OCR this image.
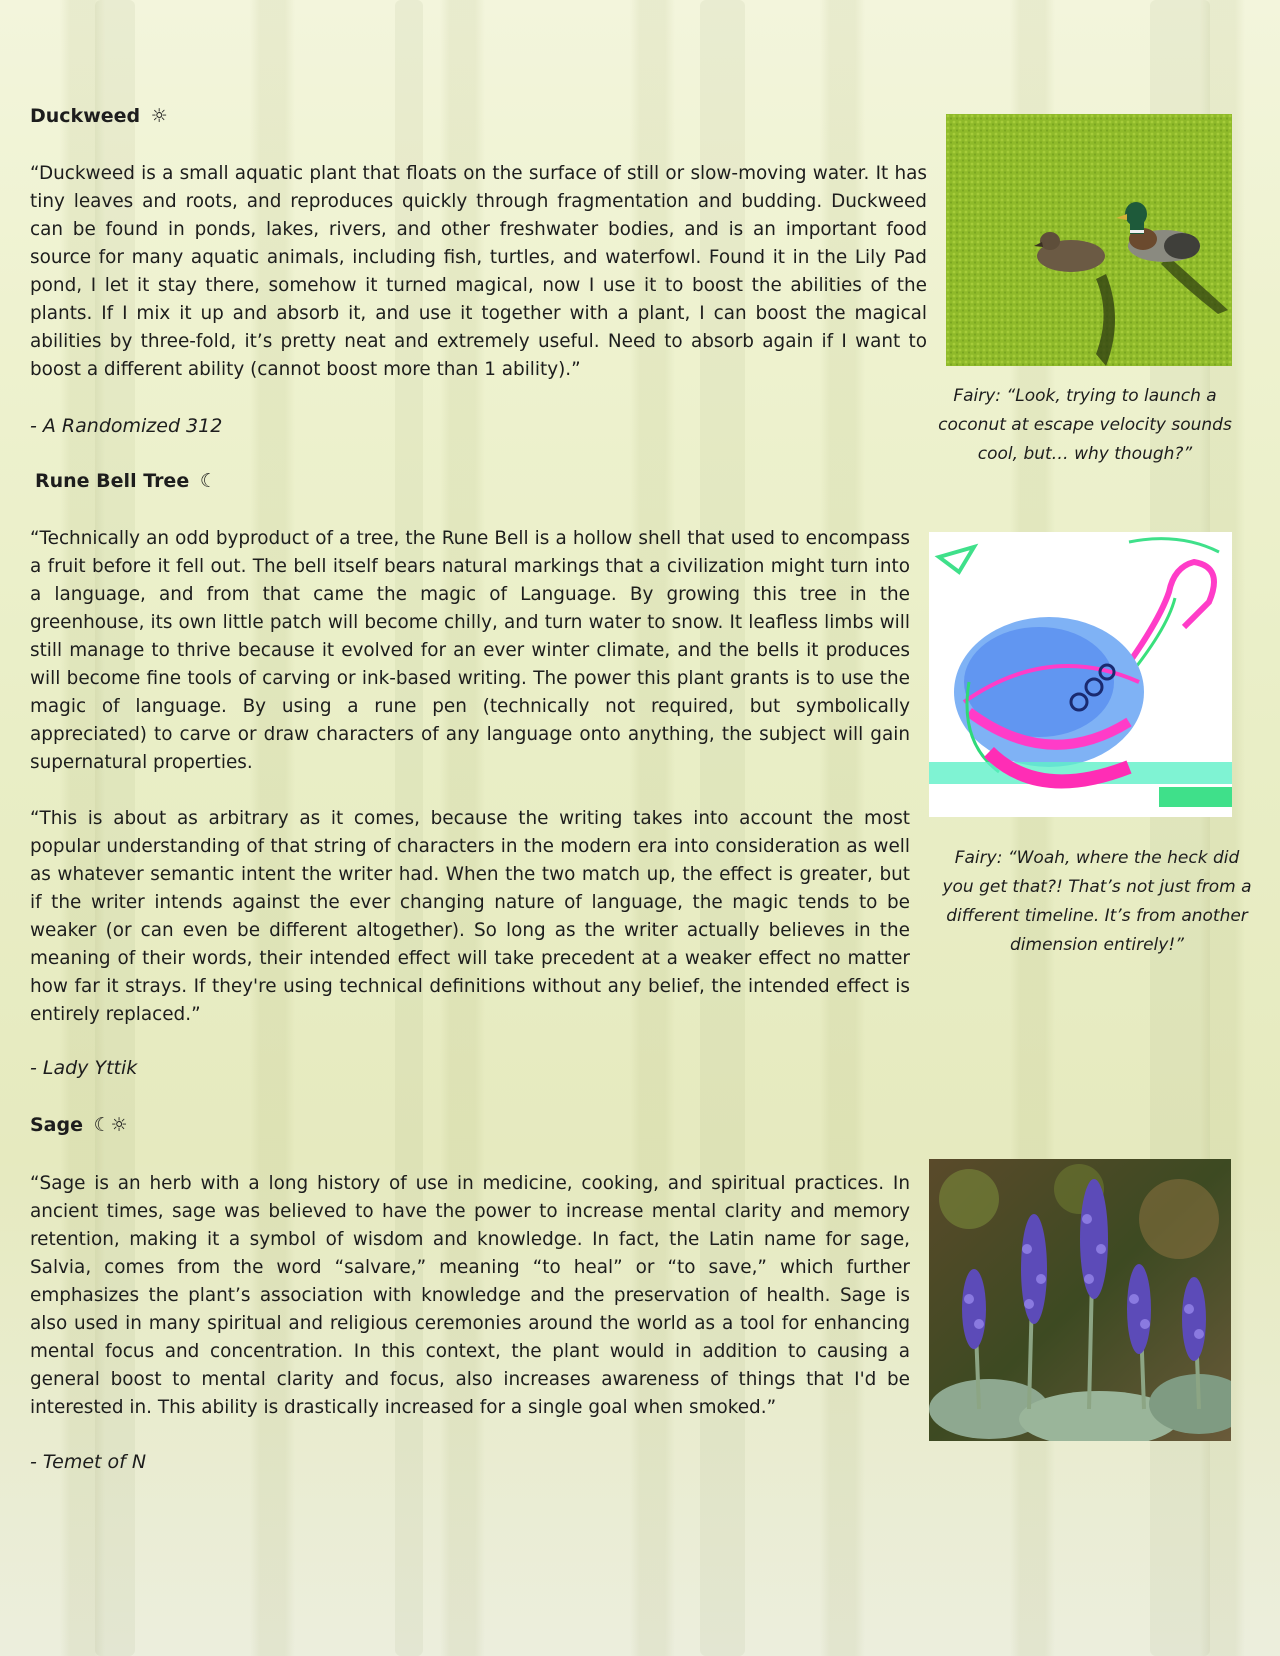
Duckweed ☼

“Duckweed is a small aquatic plant that floats on the surface of still or slow-moving water. It has tiny leaves and roots, and reproduces quickly through fragmentation and budding. Duckweed can be found in ponds, lakes, rivers, and other freshwater bodies, and is an important food source for many aquatic animals, including fish, turtles, and waterfowl. Found it in the Lily Pad pond, I let it stay there, somehow it turned magical, now I use it to boost the abilities of the plants. If I mix it up and absorb it, and use it together with a plant, I can boost the magical abilities by three-fold, it’s pretty neat and extremely useful. Need to absorb again if I want to boost a different ability (cannot boost more than 1 ability).”

- A Randomized 312

Fairy: “Look, trying to launch a coconut at escape velocity sounds cool, but… why though?”

Rune Bell Tree ☾

“Technically an odd byproduct of a tree, the Rune Bell is a hollow shell that used to encompass a fruit before it fell out. The bell itself bears natural markings that a civilization might turn into a language, and from that came the magic of Language. By growing this tree in the greenhouse, its own little patch will become chilly, and turn water to snow. It leafless limbs will still manage to thrive because it evolved for an ever winter climate, and the bells it produces will become fine tools of carving or ink-based writing. The power this plant grants is to use the magic of language. By using a rune pen (technically not required, but symbolically appreciated) to carve or draw characters of any language onto anything, the subject will gain supernatural properties.

“This is about as arbitrary as it comes, because the writing takes into account the most popular understanding of that string of characters in the modern era into consideration as well as whatever semantic intent the writer had. When the two match up, the effect is greater, but if the writer intends against the ever changing nature of language, the magic tends to be weaker (or can even be different altogether). So long as the writer actually believes in the meaning of their words, their intended effect will take precedent at a weaker effect no matter how far it strays. If they're using technical definitions without any belief, the intended effect is entirely replaced.”

- Lady Yttik

Fairy: “Woah, where the heck did you get that?! That’s not just from a different timeline. It’s from another dimension entirely!”

Sage ☾☼

“Sage is an herb with a long history of use in medicine, cooking, and spiritual practices. In ancient times, sage was believed to have the power to increase mental clarity and memory retention, making it a symbol of wisdom and knowledge. In fact, the Latin name for sage, Salvia, comes from the word “salvare,” meaning “to heal” or “to save,” which further emphasizes the plant’s association with knowledge and the preservation of health. Sage is also used in many spiritual and religious ceremonies around the world as a tool for enhancing mental focus and concentration. In this context, the plant would in addition to causing a general boost to mental clarity and focus, also increases awareness of things that I'd be interested in. This ability is drastically increased for a single goal when smoked.”

- Temet of N
